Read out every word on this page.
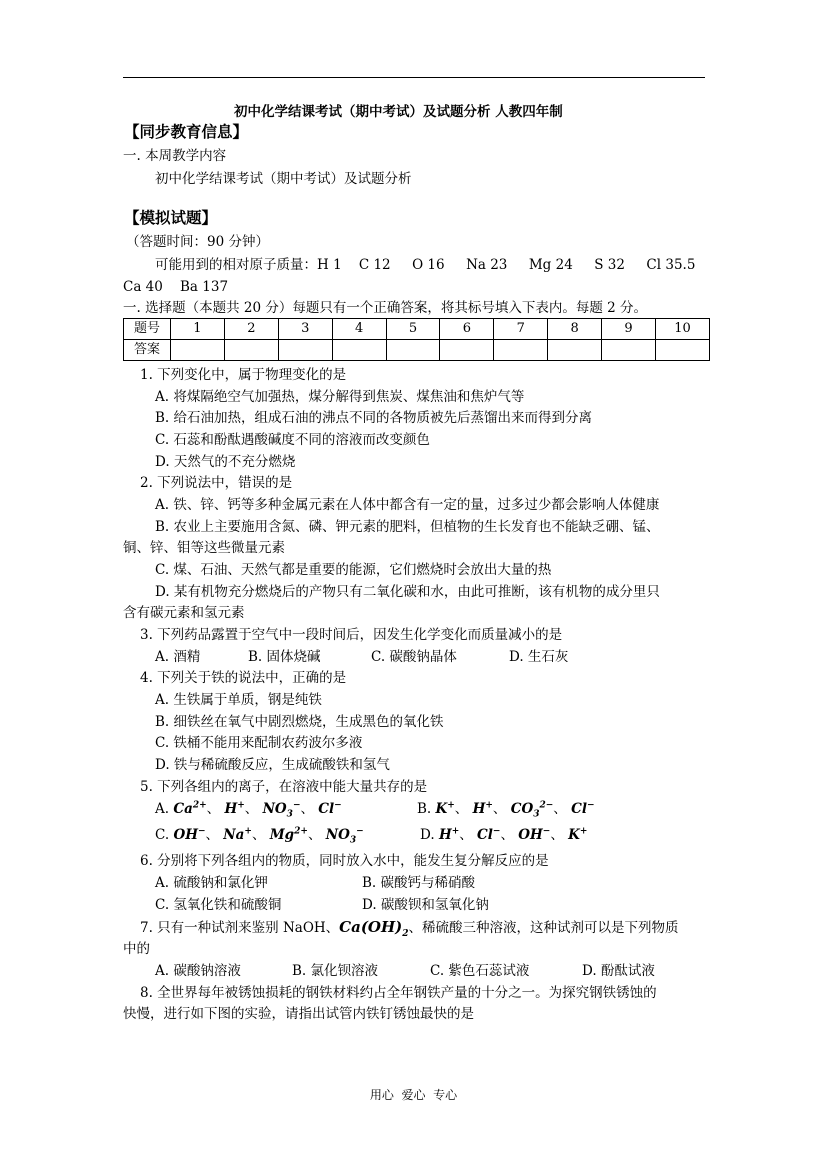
初中化学结课考试（期中考试）及试题分析 人教四年制
【同步教育信息】
一. 本周教学内容
初中化学结课考试（期中考试）及试题分析
【模拟试题】
（答题时间：90 分钟）
可能用到的相对原子质量：H 1    C 12     O 16     Na 23     Mg 24     S 32     Cl 35.5
Ca 40    Ba 137
一. 选择题（本题共 20 分）每题只有一个正确答案，将其标号填入下表内。每题 2 分。
题号	1	2	3	4	5	6	7	8	9	10
答案										
1. 下列变化中，属于物理变化的是
A. 将煤隔绝空气加强热，煤分解得到焦炭、煤焦油和焦炉气等
B. 给石油加热，组成石油的沸点不同的各物质被先后蒸馏出来而得到分离
C. 石蕊和酚酞遇酸碱度不同的溶液而改变颜色
D. 天然气的不充分燃烧
2. 下列说法中，错误的是
A. 铁、锌、钙等多种金属元素在人体中都含有一定的量，过多过少都会影响人体健康
B. 农业上主要施用含氮、磷、钾元素的肥料，但植物的生长发育也不能缺乏硼、锰、
铜、锌、钼等这些微量元素
C. 煤、石油、天然气都是重要的能源，它们燃烧时会放出大量的热
D. 某有机物充分燃烧后的产物只有二氧化碳和水，由此可推断，该有机物的成分里只
含有碳元素和氢元素
3. 下列药品露置于空气中一段时间后，因发生化学变化而质量减小的是
A. 酒精	B. 固体烧碱	C. 碳酸钠晶体	D. 生石灰
4. 下列关于铁的说法中，正确的是
A. 生铁属于单质，钢是纯铁
B. 细铁丝在氧气中剧烈燃烧，生成黑色的氧化铁
C. 铁桶不能用来配制农药波尔多液
D. 铁与稀硫酸反应，生成硫酸铁和氢气
5. 下列各组内的离子，在溶液中能大量共存的是
A. $Ca^{2+}$、 H+、 $NO_3^-$、 Cl−	B. K+、 H+、 $CO_3^{2-}$、 Cl−
C. OH−、 Na+、 $Mg^{2+}$、 $NO_3^-$	D. H+、 Cl−、 OH−、 K+
6. 分别将下列各组内的物质，同时放入水中，能发生复分解反应的是
A. 硫酸钠和氯化钾	B. 碳酸钙与稀硝酸
C. 氢氧化铁和硫酸铜	D. 碳酸钡和氢氧化钠
7. 只有一种试剂来鉴别 NaOH、$Ca(OH)_2$、稀硫酸三种溶液，这种试剂可以是下列物质
中的
A. 碳酸钠溶液	B. 氯化钡溶液	C. 紫色石蕊试液	D. 酚酞试液
8. 全世界每年被锈蚀损耗的钢铁材料约占全年钢铁产量的十分之一。为探究钢铁锈蚀的
快慢，进行如下图的实验，请指出试管内铁钉锈蚀最快的是
用心  爱心  专心
